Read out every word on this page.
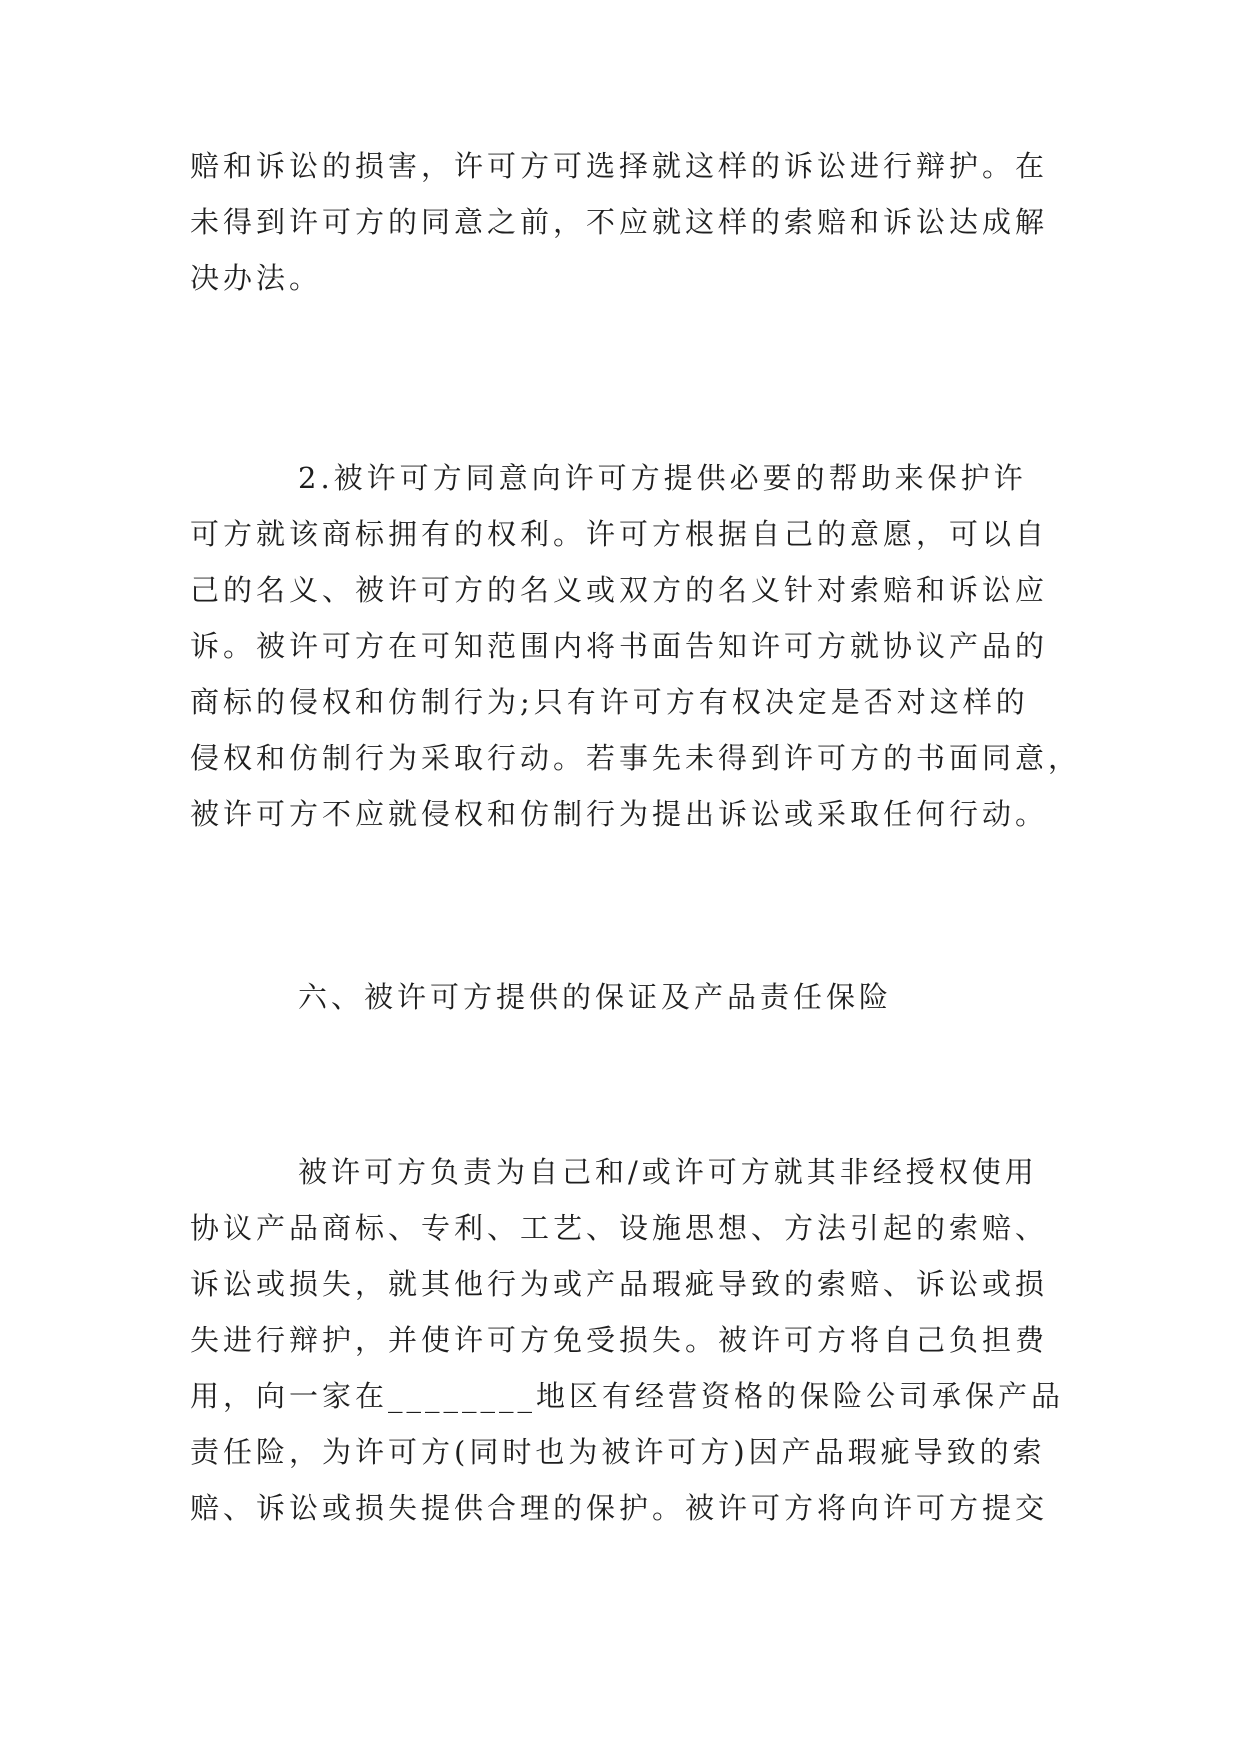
赔和诉讼的损害，许可方可选择就这样的诉讼进行辩护。在
未得到许可方的同意之前，不应就这样的索赔和诉讼达成解
决办法。
2.被许可方同意向许可方提供必要的帮助来保护许
可方就该商标拥有的权利。许可方根据自己的意愿，可以自
己的名义、被许可方的名义或双方的名义针对索赔和诉讼应
诉。被许可方在可知范围内将书面告知许可方就协议产品的
商标的侵权和仿制行为;只有许可方有权决定是否对这样的
侵权和仿制行为采取行动。若事先未得到许可方的书面同意，
被许可方不应就侵权和仿制行为提出诉讼或采取任何行动。
六、被许可方提供的保证及产品责任保险
被许可方负责为自己和/或许可方就其非经授权使用
协议产品商标、专利、工艺、设施思想、方法引起的索赔、
诉讼或损失，就其他行为或产品瑕疵导致的索赔、诉讼或损
失进行辩护，并使许可方免受损失。被许可方将自己负担费
用，向一家在________地区有经营资格的保险公司承保产品
责任险，为许可方(同时也为被许可方)因产品瑕疵导致的索
赔、诉讼或损失提供合理的保护。被许可方将向许可方提交
